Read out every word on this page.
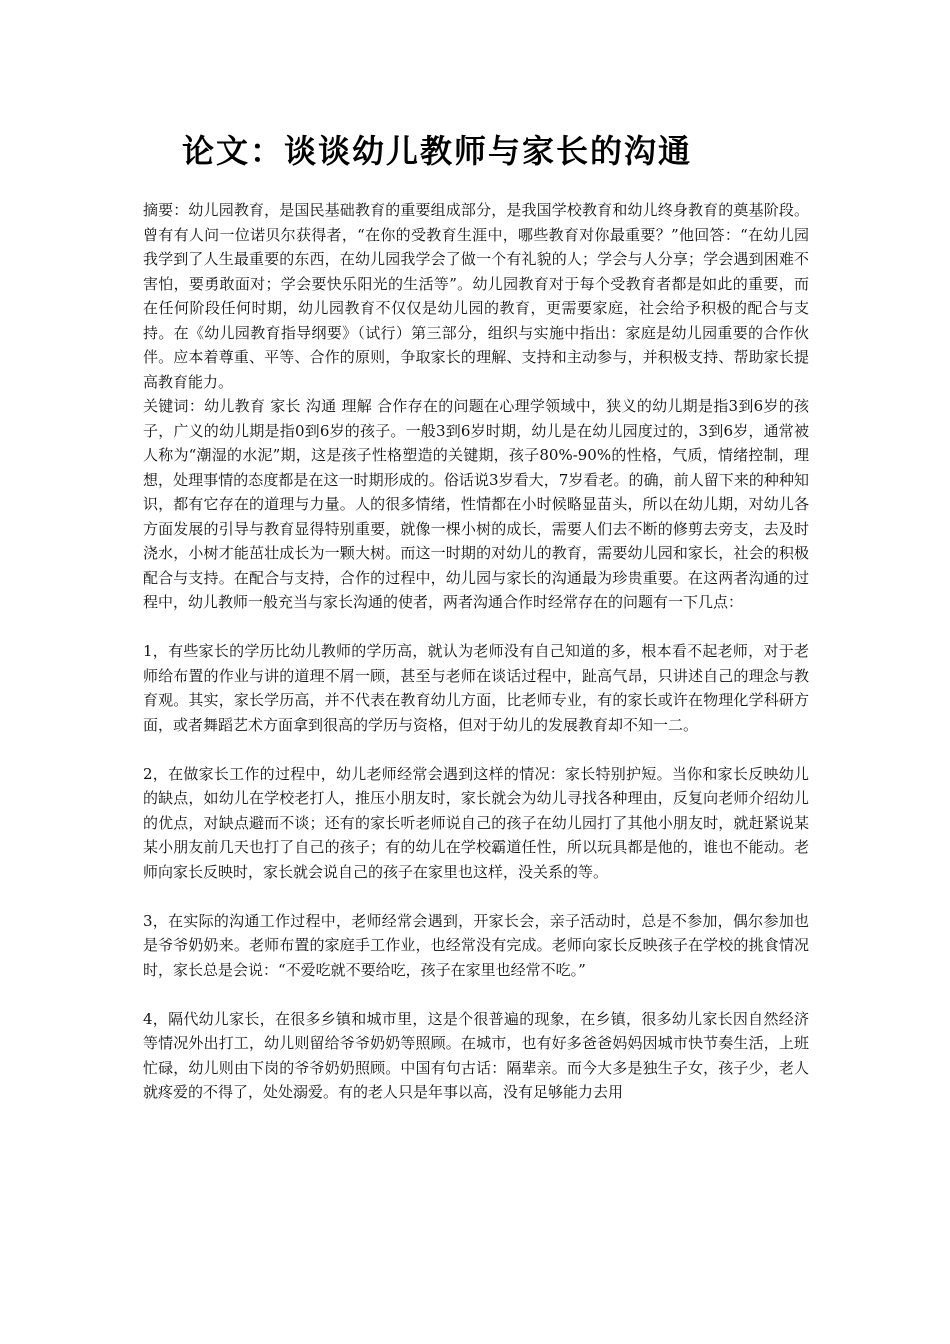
论文：谈谈幼儿教师与家长的沟通

摘要：幼儿园教育，是国民基础教育的重要组成部分，是我国学校教育和幼儿终身教育的奠基阶段。曾有有人问一位诺贝尔获得者，“在你的受教育生涯中，哪些教育对你最重要？”他回答：“在幼儿园我学到了人生最重要的东西，在幼儿园我学会了做一个有礼貌的人；学会与人分享；学会遇到困难不害怕，要勇敢面对；学会要快乐阳光的生活等”。幼儿园教育对于每个受教育者都是如此的重要，而在任何阶段任何时期，幼儿园教育不仅仅是幼儿园的教育，更需要家庭，社会给予积极的配合与支持。在《幼儿园教育指导纲要》（试行）第三部分，组织与实施中指出：家庭是幼儿园重要的合作伙伴。应本着尊重、平等、合作的原则，争取家长的理解、支持和主动参与，并积极支持、帮助家长提高教育能力。

关键词：幼儿教育 家长 沟通 理解 合作存在的问题在心理学领域中，狭义的幼儿期是指3到6岁的孩子，广义的幼儿期是指0到6岁的孩子。一般3到6岁时期，幼儿是在幼儿园度过的，3到6岁，通常被人称为“潮湿的水泥”期，这是孩子性格塑造的关键期，孩子80%-90%的性格，气质，情绪控制，理想，处理事情的态度都是在这一时期形成的。俗话说3岁看大，7岁看老。的确，前人留下来的种种知识，都有它存在的道理与力量。人的很多情绪，性情都在小时候略显苗头，所以在幼儿期，对幼儿各方面发展的引导与教育显得特别重要，就像一棵小树的成长，需要人们去不断的修剪去旁支，去及时浇水，小树才能茁壮成长为一颗大树。而这一时期的对幼儿的教育，需要幼儿园和家长，社会的积极配合与支持。在配合与支持，合作的过程中，幼儿园与家长的沟通最为珍贵重要。在这两者沟通的过程中，幼儿教师一般充当与家长沟通的使者，两者沟通合作时经常存在的问题有一下几点：

1，有些家长的学历比幼儿教师的学历高，就认为老师没有自己知道的多，根本看不起老师，对于老师给布置的作业与讲的道理不屑一顾，甚至与老师在谈话过程中，趾高气昂，只讲述自己的理念与教育观。其实，家长学历高，并不代表在教育幼儿方面，比老师专业，有的家长或许在物理化学科研方面，或者舞蹈艺术方面拿到很高的学历与资格，但对于幼儿的发展教育却不知一二。

2，在做家长工作的过程中，幼儿老师经常会遇到这样的情况：家长特别护短。当你和家长反映幼儿的缺点，如幼儿在学校老打人，推压小朋友时，家长就会为幼儿寻找各种理由，反复向老师介绍幼儿的优点，对缺点避而不谈；还有的家长听老师说自己的孩子在幼儿园打了其他小朋友时，就赶紧说某某小朋友前几天也打了自己的孩子；有的幼儿在学校霸道任性，所以玩具都是他的，谁也不能动。老师向家长反映时，家长就会说自己的孩子在家里也这样，没关系的等。

3，在实际的沟通工作过程中，老师经常会遇到，开家长会，亲子活动时，总是不参加，偶尔参加也是爷爷奶奶来。老师布置的家庭手工作业，也经常没有完成。老师向家长反映孩子在学校的挑食情况时，家长总是会说：“不爱吃就不要给吃，孩子在家里也经常不吃。”

4，隔代幼儿家长，在很多乡镇和城市里，这是个很普遍的现象，在乡镇，很多幼儿家长因自然经济等情况外出打工，幼儿则留给爷爷奶奶等照顾。在城市，也有好多爸爸妈妈因城市快节奏生活，上班忙碌，幼儿则由下岗的爷爷奶奶照顾。中国有句古话：隔辈亲。而今大多是独生子女，孩子少，老人就疼爱的不得了，处处溺爱。有的老人只是年事以高，没有足够能力去用
